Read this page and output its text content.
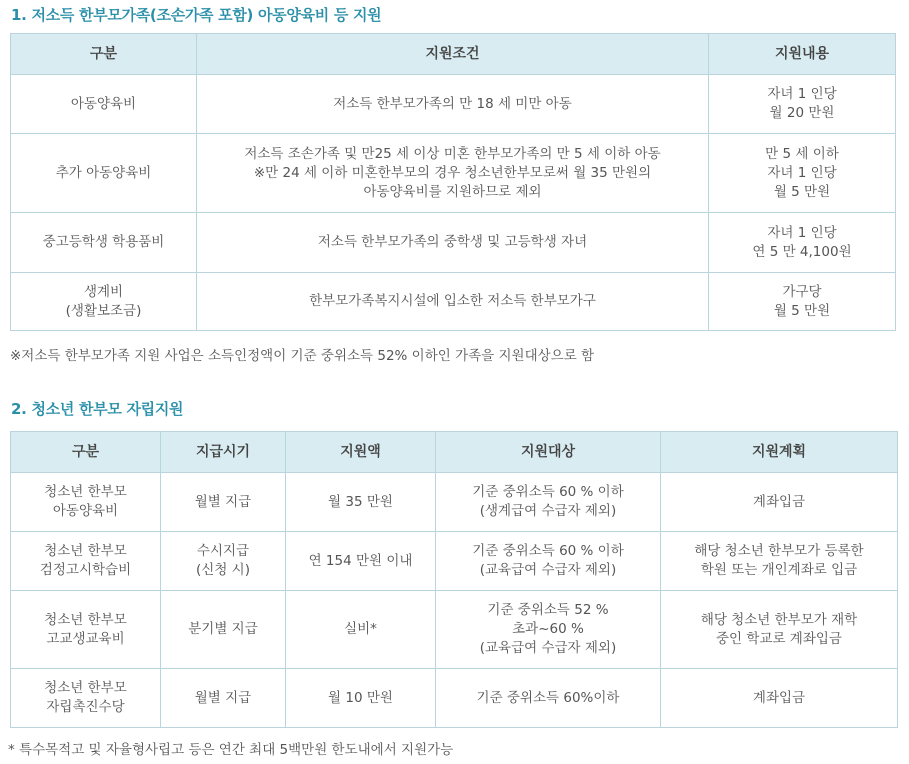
1. 저소득 한부모가족(조손가족 포함) 아동양육비 등 지원
구분	지원조건	지원내용

아동양육비	저소득 한부모가족의 만 18 세 미만 아동	자녀 1 인당
월 20 만원

추가 아동양육비	저소득 조손가족 및 만25 세 이상 미혼 한부모가족의 만 5 세 이하 아동
※만 24 세 이하 미혼한부모의 경우 청소년한부모로써 월 35 만원의
아동양육비를 지원하므로 제외	만 5 세 이하
자녀 1 인당
월 5 만원

중고등학생 학용품비	저소득 한부모가족의 중학생 및 고등학생 자녀	자녀 1 인당
연 5 만 4,100원

생계비
(생활보조금)	한부모가족복지시설에 입소한 저소득 한부모가구	가구당
월 5 만원
※저소득 한부모가족 지원 사업은 소득인정액이 기준 중위소득 52% 이하인 가족을 지원대상으로 함
2. 청소년 한부모 자립지원
구분	지급시기	지원액	지원대상	지원계획

청소년 한부모
아동양육비	월별 지급	월 35 만원	기준 중위소득 60 % 이하
(생계급여 수급자 제외)	계좌입금

청소년 한부모
검정고시학습비	수시지급
(신청 시)	연 154 만원 이내	기준 중위소득 60 % 이하
(교육급여 수급자 제외)	해당 청소년 한부모가 등록한
학원 또는 개인계좌로 입금

청소년 한부모
고교생교육비	분기별 지급	실비*	기준 중위소득 52 %
초과~60 %
(교육급여 수급자 제외)	해당 청소년 한부모가 재학
중인 학교로 계좌입금

청소년 한부모
자립촉진수당	월별 지급	월 10 만원	기준 중위소득 60%이하	계좌입금
* 특수목적고 및 자율형사립고 등은 연간 최대 5백만원 한도내에서 지원가능
